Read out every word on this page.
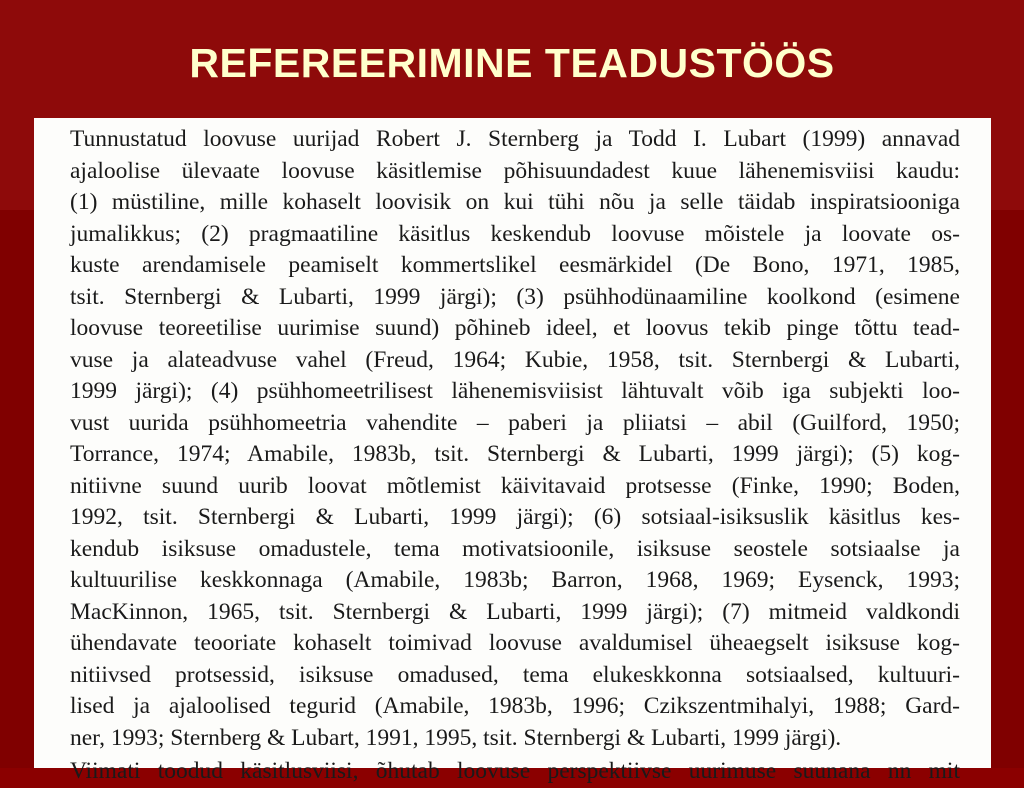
REFEREERIMINE TEADUSTÖÖS
Tunnustatud loovuse uurijad Robert J. Sternberg ja Todd I. Lubart (1999) annavad
ajaloolise ülevaate loovuse käsitlemise põhisuundadest kuue lähenemisviisi kaudu:
(1) müstiline, mille kohaselt loovisik on kui tühi nõu ja selle täidab inspiratsiooniga
jumalikkus; (2) pragmaatiline käsitlus keskendub loovuse mõistele ja loovate os-
kuste arendamisele peamiselt kommertslikel eesmärkidel (De Bono, 1971, 1985,
tsit. Sternbergi & Lubarti, 1999 järgi); (3) psühhodünaamiline koolkond (esimene
loovuse teoreetilise uurimise suund) põhineb ideel, et loovus tekib pinge tõttu tead-
vuse ja alateadvuse vahel (Freud, 1964; Kubie, 1958, tsit. Sternbergi & Lubarti,
1999 järgi); (4) psühhomeetrilisest lähenemisviisist lähtuvalt võib iga subjekti loo-
vust uurida psühhomeetria vahendite – paberi ja pliiatsi – abil (Guilford, 1950;
Torrance, 1974; Amabile, 1983b, tsit. Sternbergi & Lubarti, 1999 järgi); (5) kog-
nitiivne suund uurib loovat mõtlemist käivitavaid protsesse (Finke, 1990; Boden,
1992, tsit. Sternbergi & Lubarti, 1999 järgi); (6) sotsiaal-isiksuslik käsitlus kes-
kendub isiksuse omadustele, tema motivatsioonile, isiksuse seostele sotsiaalse ja
kultuurilise keskkonnaga (Amabile, 1983b; Barron, 1968, 1969; Eysenck, 1993;
MacKinnon, 1965, tsit. Sternbergi & Lubarti, 1999 järgi); (7) mitmeid valdkondi
ühendavate teooriate kohaselt toimivad loovuse avaldumisel üheaegselt isiksuse kog-
nitiivsed protsessid, isiksuse omadused, tema elukeskkonna sotsiaalsed, kultuuri-
lised ja ajaloolised tegurid (Amabile, 1983b, 1996; Czikszentmihalyi, 1988; Gard-
ner, 1993; Sternberg & Lubart, 1991, 1995, tsit. Sternbergi & Lubarti, 1999 järgi).
Viimati toodud käsitlusviisi, õhutab loovuse perspektiivse uurimuse suunana nn mit
